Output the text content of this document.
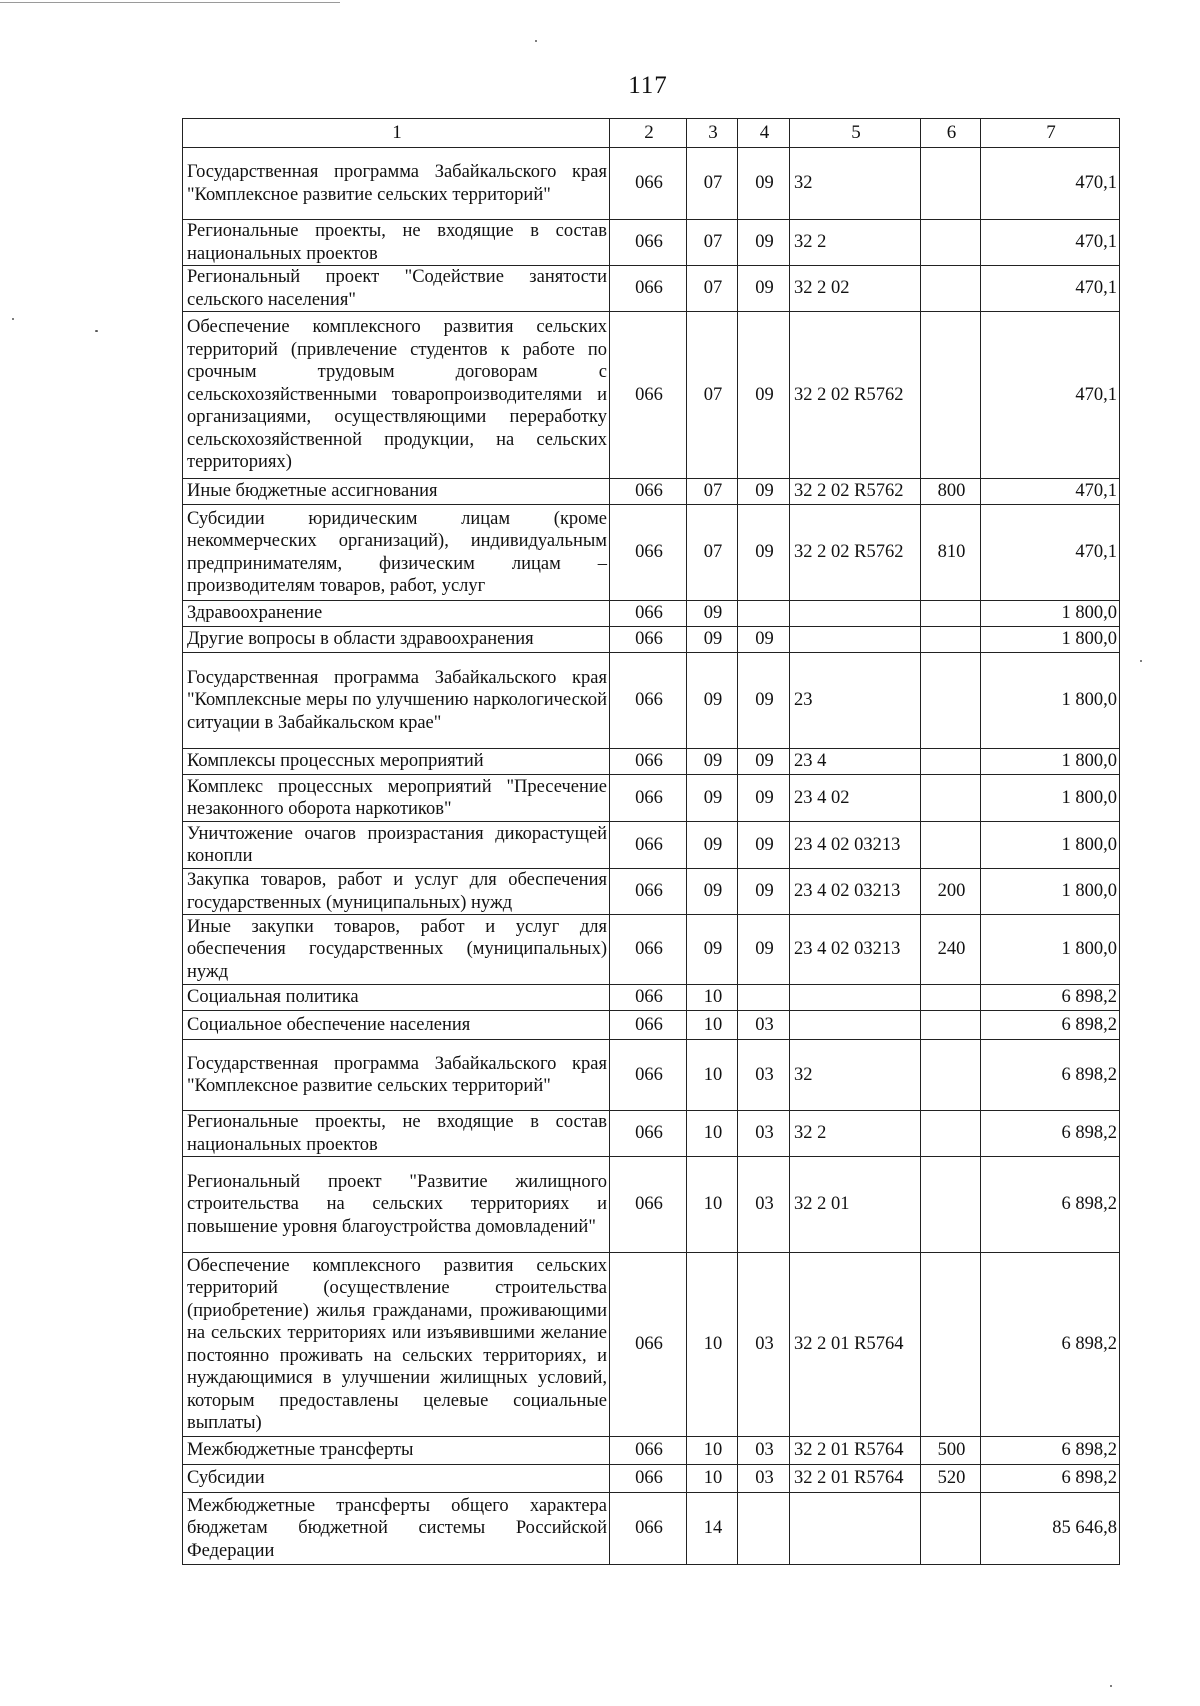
117
1	2	3	4	5	6	7
Государственная программа Забайкальского края "Комплексное развитие сельских территорий"	066	07	09	32		470,1
Региональные проекты, не входящие в состав национальных проектов	066	07	09	32 2		470,1
Региональный проект "Содействие занятости сельского населения"	066	07	09	32 2 02		470,1
Обеспечение комплексного развития сельских территорий (привлечение студентов к работе по срочным трудовым договорам с сельскохозяйственными товаропроизводителями и организациями, осуществляющими переработку сельскохозяйственной продукции, на сельских территориях)	066	07	09	32 2 02 R5762		470,1
Иные бюджетные ассигнования	066	07	09	32 2 02 R5762	800	470,1
Субсидии юридическим лицам (кроме некоммерческих организаций), индивидуальным предпринимателям, физическим лицам – производителям товаров, работ, услуг	066	07	09	32 2 02 R5762	810	470,1
Здравоохранение	066	09				1 800,0
Другие вопросы в области здравоохранения	066	09	09			1 800,0
Государственная программа Забайкальского края "Комплексные меры по улучшению наркологической ситуации в Забайкальском крае"	066	09	09	23		1 800,0
Комплексы процессных мероприятий	066	09	09	23 4		1 800,0
Комплекс процессных мероприятий "Пресечение незаконного оборота наркотиков"	066	09	09	23 4 02		1 800,0
Уничтожение очагов произрастания дикорастущей конопли	066	09	09	23 4 02 03213		1 800,0
Закупка товаров, работ и услуг для обеспечения государственных (муниципальных) нужд	066	09	09	23 4 02 03213	200	1 800,0
Иные закупки товаров, работ и услуг для обеспечения государственных (муниципальных) нужд	066	09	09	23 4 02 03213	240	1 800,0
Социальная политика	066	10				6 898,2
Социальное обеспечение населения	066	10	03			6 898,2
Государственная программа Забайкальского края "Комплексное развитие сельских территорий"	066	10	03	32		6 898,2
Региональные проекты, не входящие в состав национальных проектов	066	10	03	32 2		6 898,2
Региональный проект "Развитие жилищного строительства на сельских территориях и повышение уровня благоустройства домовладений"	066	10	03	32 2 01		6 898,2
Обеспечение комплексного развития сельских территорий (осуществление строительства (приобретение) жилья гражданами, проживающими на сельских территориях или изъявившими желание постоянно проживать на сельских территориях, и нуждающимися в улучшении жилищных условий, которым предоставлены целевые социальные выплаты)	066	10	03	32 2 01 R5764		6 898,2
Межбюджетные трансферты	066	10	03	32 2 01 R5764	500	6 898,2
Субсидии	066	10	03	32 2 01 R5764	520	6 898,2
Межбюджетные трансферты общего характера бюджетам бюджетной системы Российской Федерации	066	14				85 646,8
